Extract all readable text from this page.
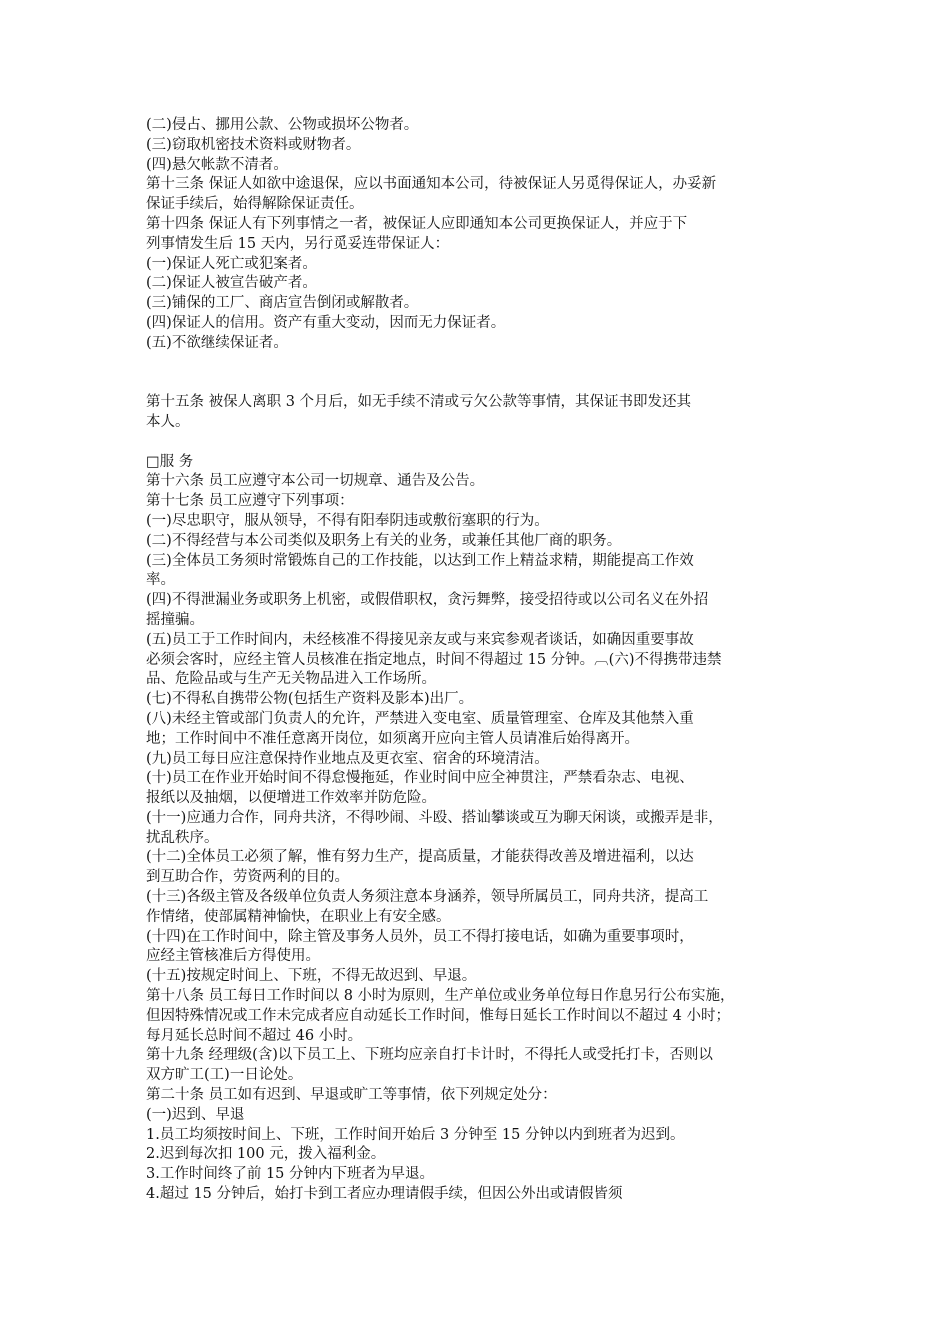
(二)侵占、挪用公款、公物或损坏公物者。
(三)窃取机密技术资料或财物者。
(四)悬欠帐款不清者。
第十三条 保证人如欲中途退保，应以书面通知本公司，待被保证人另觅得保证人，办妥新
保证手续后，始得解除保证责任。
第十四条 保证人有下列事情之一者，被保证人应即通知本公司更换保证人，并应于下
列事情发生后 15 天内，另行觅妥连带保证人：
(一)保证人死亡或犯案者。
(二)保证人被宣告破产者。
(三)铺保的工厂、商店宣告倒闭或解散者。
(四)保证人的信用。资产有重大变动，因而无力保证者。
(五)不欲继续保证者。
第十五条 被保人离职 3 个月后，如无手续不清或亏欠公款等事情，其保证书即发还其
本人。
□服 务
第十六条 员工应遵守本公司一切规章、通告及公告。
第十七条 员工应遵守下列事项：
(一)尽忠职守，服从领导，不得有阳奉阴违或敷衍塞职的行为。
(二)不得经营与本公司类似及职务上有关的业务，或兼任其他厂商的职务。
(三)全体员工务须时常锻炼自己的工作技能，以达到工作上精益求精，期能提高工作效
率。
(四)不得泄漏业务或职务上机密，或假借职权，贪污舞弊，接受招待或以公司名义在外招
摇撞骗。
(五)员工于工作时间内，未经核准不得接见亲友或与来宾参观者谈话，如确因重要事故
必须会客时，应经主管人员核准在指定地点，时间不得超过 15 分钟。︹(六)不得携带违禁
品、危险品或与生产无关物品进入工作场所。
(七)不得私自携带公物(包括生产资料及影本)出厂。
(八)未经主管或部门负责人的允许，严禁进入变电室、质量管理室、仓库及其他禁入重
地；工作时间中不准任意离开岗位，如须离开应向主管人员请准后始得离开。
(九)员工每日应注意保持作业地点及更衣室、宿舍的环境清洁。
(十)员工在作业开始时间不得怠慢拖延，作业时间中应全神贯注，严禁看杂志、电视、
报纸以及抽烟，以便增进工作效率并防危险。
(十一)应通力合作，同舟共济，不得吵闹、斗殴、搭讪攀谈或互为聊天闲谈，或搬弄是非，
扰乱秩序。
(十二)全体员工必须了解，惟有努力生产，提高质量，才能获得改善及增进福利，以达
到互助合作，劳资两利的目的。
(十三)各级主管及各级单位负责人务须注意本身涵养，领导所属员工，同舟共济，提高工
作情绪，使部属精神愉快，在职业上有安全感。
(十四)在工作时间中，除主管及事务人员外，员工不得打接电话，如确为重要事项时，
应经主管核准后方得使用。
(十五)按规定时间上、下班，不得无故迟到、早退。
第十八条 员工每日工作时间以 8 小时为原则，生产单位或业务单位每日作息另行公布实施，
但因特殊情况或工作未完成者应自动延长工作时间，惟每日延长工作时间以不超过 4 小时；
每月延长总时间不超过 46 小时。
第十九条 经理级(含)以下员工上、下班均应亲自打卡计时，不得托人或受托打卡，否则以
双方旷工(工)一日论处。
第二十条 员工如有迟到、早退或旷工等事情，依下列规定处分：
(一)迟到、早退
1.员工均须按时间上、下班，工作时间开始后 3 分钟至 15 分钟以内到班者为迟到。
2.迟到每次扣 100 元，拨入福利金。
3.工作时间终了前 15 分钟内下班者为早退。
4.超过 15 分钟后，始打卡到工者应办理请假手续，但因公外出或请假皆须
